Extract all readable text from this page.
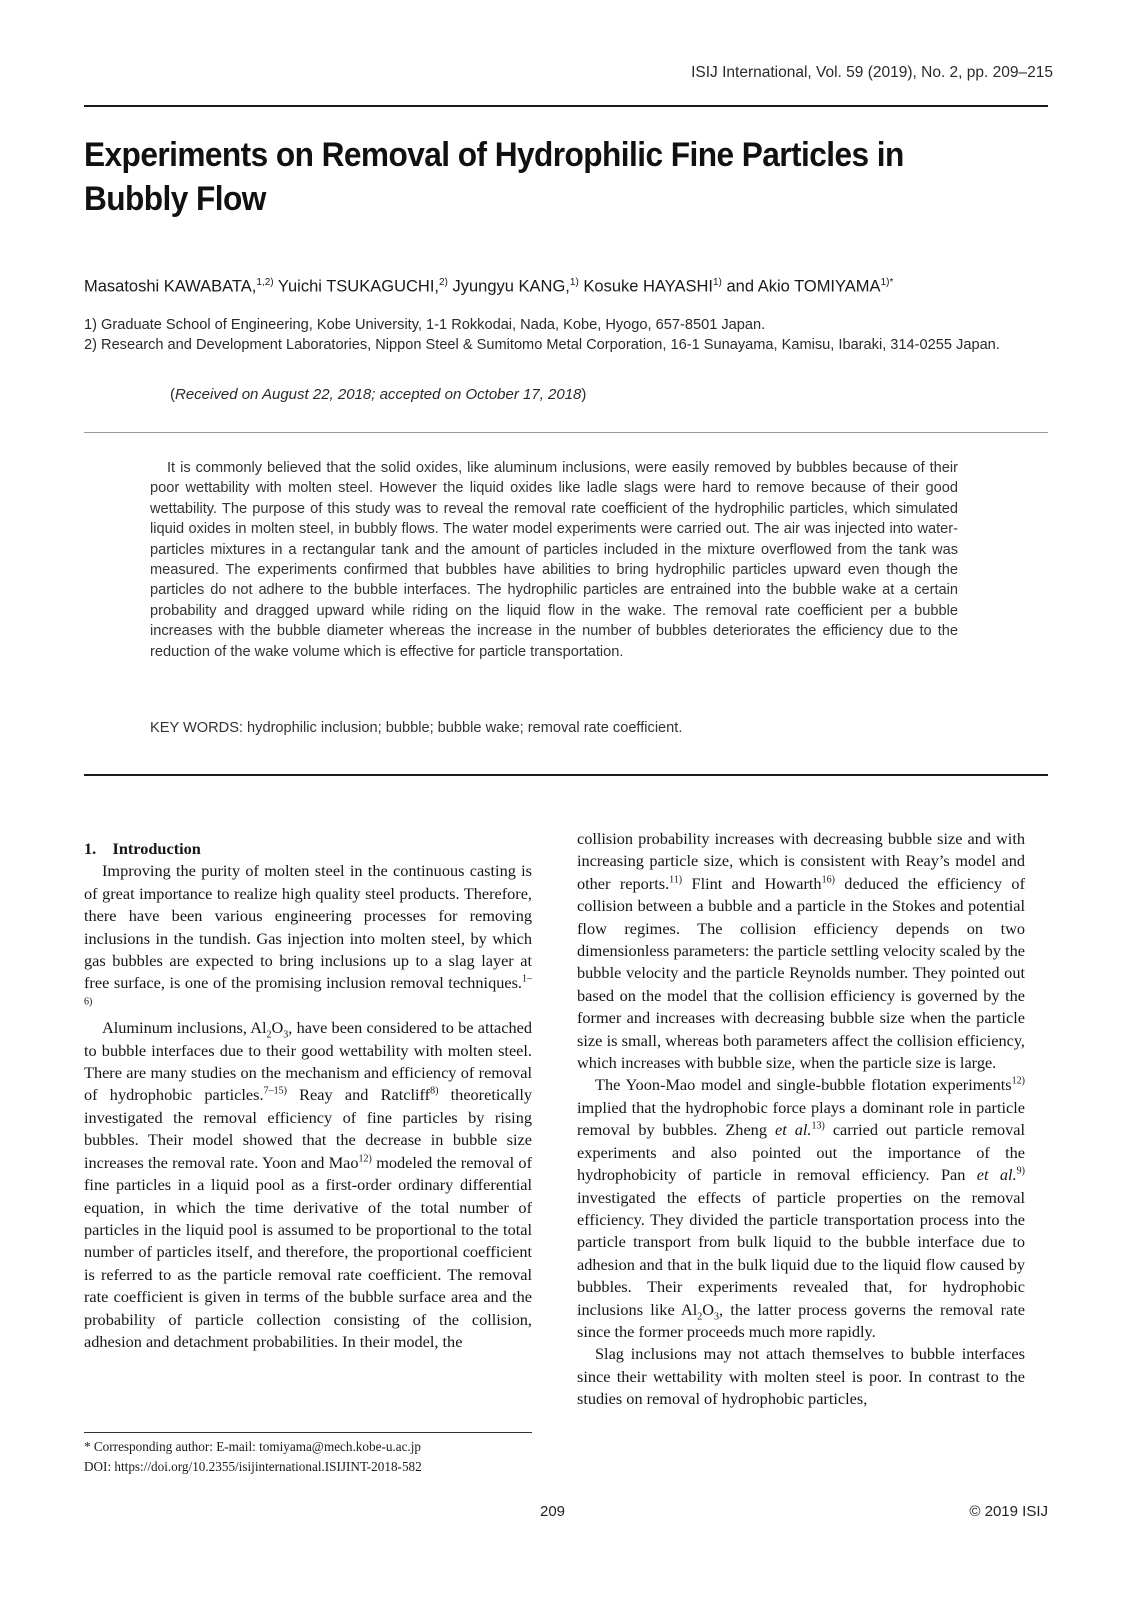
ISIJ International, Vol. 59 (2019), No. 2, pp. 209–215
Experiments on Removal of Hydrophilic Fine Particles in Bubbly Flow
Masatoshi KAWABATA,$^{1,2)}$ Yuichi TSUKAGUCHI,$^{2)}$ Jyungyu KANG,$^{1)}$ Kosuke HAYASHI$^{1)}$ and Akio $TOMIYAMA^{1)*}$
1) Graduate School of Engineering, Kobe University, 1-1 Rokkodai, Nada, Kobe, Hyogo, 657-8501 Japan.
2) Research and Development Laboratories, Nippon Steel & Sumitomo Metal Corporation, 16-1 Sunayama, Kamisu, Ibaraki, 314-0255 Japan.
(Received on August 22, 2018; accepted on October 17, 2018)
It is commonly believed that the solid oxides, like aluminum inclusions, were easily removed by bubbles because of their poor wettability with molten steel. However the liquid oxides like ladle slags were hard to remove because of their good wettability. The purpose of this study was to reveal the removal rate coefficient of the hydrophilic particles, which simulated liquid oxides in molten steel, in bubbly flows. The water model experiments were carried out. The air was injected into water-particles mixtures in a rectangular tank and the amount of particles included in the mixture overflowed from the tank was measured. The experiments confirmed that bubbles have abilities to bring hydrophilic particles upward even though the particles do not adhere to the bubble interfaces. The hydrophilic particles are entrained into the bubble wake at a certain probability and dragged upward while riding on the liquid flow in the wake. The removal rate coefficient per a bubble increases with the bubble diameter whereas the increase in the number of bubbles deteriorates the efficiency due to the reduction of the wake volume which is effective for particle transportation.
KEY WORDS: hydrophilic inclusion; bubble; bubble wake; removal rate coefficient.

1. Introduction

Improving the purity of molten steel in the continuous casting is of great importance to realize high quality steel products. Therefore, there have been various engineering processes for removing inclusions in the tundish. Gas injection into molten steel, by which gas bubbles are expected to bring inclusions up to a slag layer at free surface, is one of the promising inclusion removal techniques.$^{1-6)}$

Aluminum inclusions, $Al_2O_3$, have been considered to be attached to bubble interfaces due to their good wettability with molten steel. There are many studies on the mechanism and efficiency of removal of hydrophobic particles.$^{7-15)}$ Reay and Ratcliff$^{8)}$ theoretically investigated the removal efficiency of fine particles by rising bubbles. Their model showed that the decrease in bubble size increases the removal rate. Yoon and Mao$^{12)}$ modeled the removal of fine particles in a liquid pool as a first-order ordinary differential equation, in which the time derivative of the total number of particles in the liquid pool is assumed to be proportional to the total number of particles itself, and therefore, the proportional coefficient is referred to as the particle removal rate coefficient. The removal rate coefficient is given in terms of the bubble surface area and the probability of particle collection consisting of the collision, adhesion and detachment probabilities. In their model, the

collision probability increases with decreasing bubble size and with increasing particle size, which is consistent with Reay’s model and other reports.$^{11)}$ Flint and Howarth$^{16)}$ deduced the efficiency of collision between a bubble and a particle in the Stokes and potential flow regimes. The collision efficiency depends on two dimensionless parameters: the particle settling velocity scaled by the bubble velocity and the particle Reynolds number. They pointed out based on the model that the collision efficiency is governed by the former and increases with decreasing bubble size when the particle size is small, whereas both parameters affect the collision efficiency, which increases with bubble size, when the particle size is large.

The Yoon-Mao model and single-bubble flotation experiments$^{12)}$ implied that the hydrophobic force plays a dominant role in particle removal by bubbles. Zheng et al.$^{13)}$ carried out particle removal experiments and also pointed out the importance of the hydrophobicity of particle in removal efficiency. Pan et al.$^{9)}$ investigated the effects of particle properties on the removal efficiency. They divided the particle transportation process into the particle transport from bulk liquid to the bubble interface due to adhesion and that in the bulk liquid due to the liquid flow caused by bubbles. Their experiments revealed that, for hydrophobic inclusions like $Al_2O_3$, the latter process governs the removal rate since the former proceeds much more rapidly.

Slag inclusions may not attach themselves to bubble interfaces since their wettability with molten steel is poor. In contrast to the studies on removal of hydrophobic particles,

* Corresponding author: E-mail: tomiyama@mech.kobe-u.ac.jp
DOI: https://doi.org/10.2355/isijinternational.ISIJINT-2018-582
209	© 2019 ISIJ
